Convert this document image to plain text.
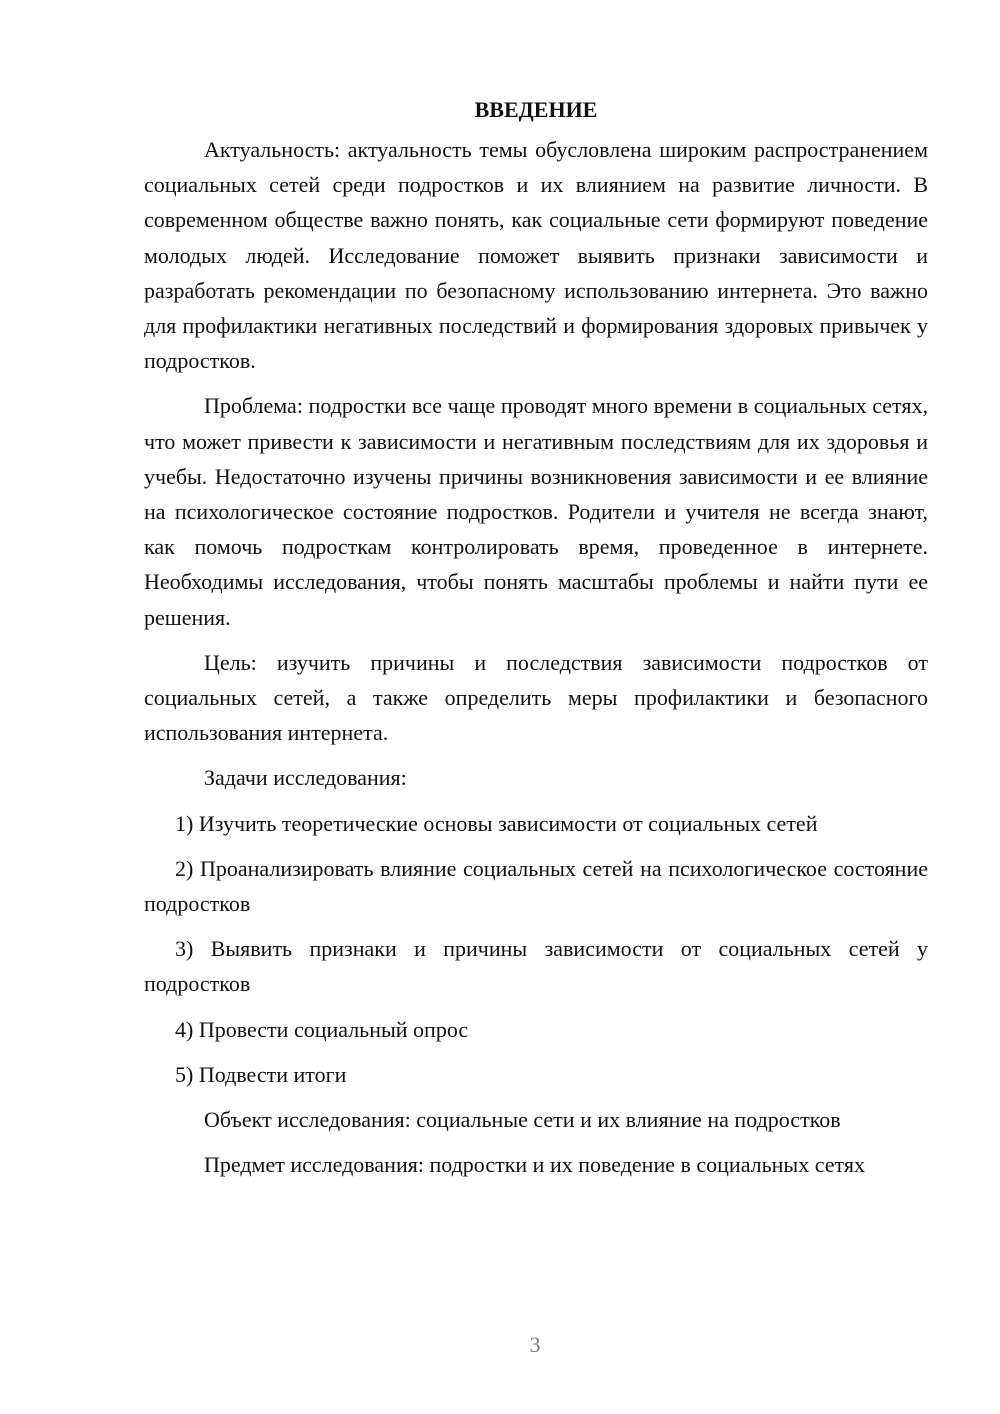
ВВЕДЕНИЕ

Актуальность: актуальность темы обусловлена широким распространением социальных сетей среди подростков и их влиянием на развитие личности. В современном обществе важно понять, как социальные сети формируют поведение молодых людей. Исследование поможет выявить признаки зависимости и разработать рекомендации по безопасному использованию интернета. Это важно для профилактики негативных последствий и формирования здоровых привычек у подростков.

Проблема: подростки все чаще проводят много времени в социальных сетях, что может привести к зависимости и негативным последствиям для их здоровья и учебы. Недостаточно изучены причины возникновения зависимости и ее влияние на психологическое состояние подростков. Родители и учителя не всегда знают, как помочь подросткам контролировать время, проведенное в интернете. Необходимы исследования, чтобы понять масштабы проблемы и найти пути ее решения.

Цель: изучить причины и последствия зависимости подростков от социальных сетей, а также определить меры профилактики и безопасного использования интернета.

Задачи исследования:

1) Изучить теоретические основы зависимости от социальных сетей

2) Проанализировать влияние социальных сетей на психологическое состояние подростков

3) Выявить признаки и причины зависимости от социальных сетей у подростков

4) Провести социальный опрос

5) Подвести итоги

Объект исследования: социальные сети и их влияние на подростков

Предмет исследования: подростки и их поведение в социальных сетях

3
